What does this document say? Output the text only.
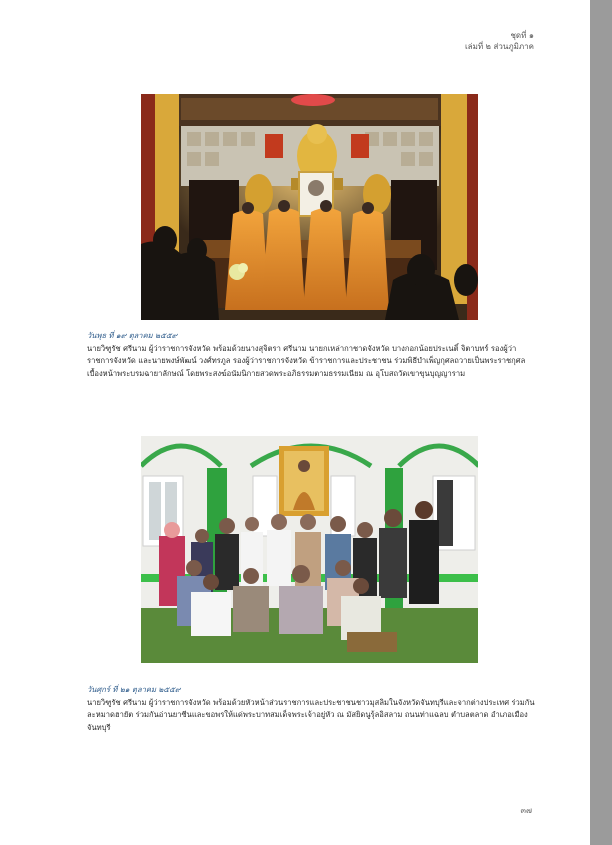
ชุดที่ ๑
เล่มที่ ๒ ส่วนภูมิภาค
วันพุธ ที่ ๑๙ ตุลาคม ๒๕๕๙
นายวิฑูรัช ศรีนาม ผู้ว่าราชการจังหวัด พร้อมด้วยนางสุจิตรา ศรีนาม นายกเหล่ากาชาดจังหวัด บางกอกน้อยประเนติ์ จิตาบทร์ รองผู้ว่าราชการจังหวัด และนายพงษ์พัฒน์ วงศ์ทรภูล รองผู้ว่าราชการจังหวัด ข้าราชการและประชาชน ร่วมพิธีบำเพ็ญกุศลถวายเป็นพระราชกุศล เบื้องหน้าพระบรมฉายาลักษณ์ โดยพระสงฆ์อนัมนิกายสวดพระอภิธรรมตามธรรมเนียม ณ อุโบสถวัดเขาขุนบุญญาราม
วันศุกร์ ที่ ๒๑ ตุลาคม ๒๕๕๙
นายวิฑูรัช ศรีนาม ผู้ว่าราชการจังหวัด พร้อมด้วยหัวหน้าส่วนราชการและประชาชนชาวมุสลิมในจังหวัดจันทบุรีและจากต่างประเทศ ร่วมกันละหมาดฮายัต ร่วมกันอ่านยาซีนและขอพรให้แด่พระบาทสมเด็จพระเจ้าอยู่หัว ณ มัสยิดนูรุ้ลอิสลาม ถนนท่าแฉลบ ตำบลตลาด อำเภอเมืองจันทบุรี
๓๗
